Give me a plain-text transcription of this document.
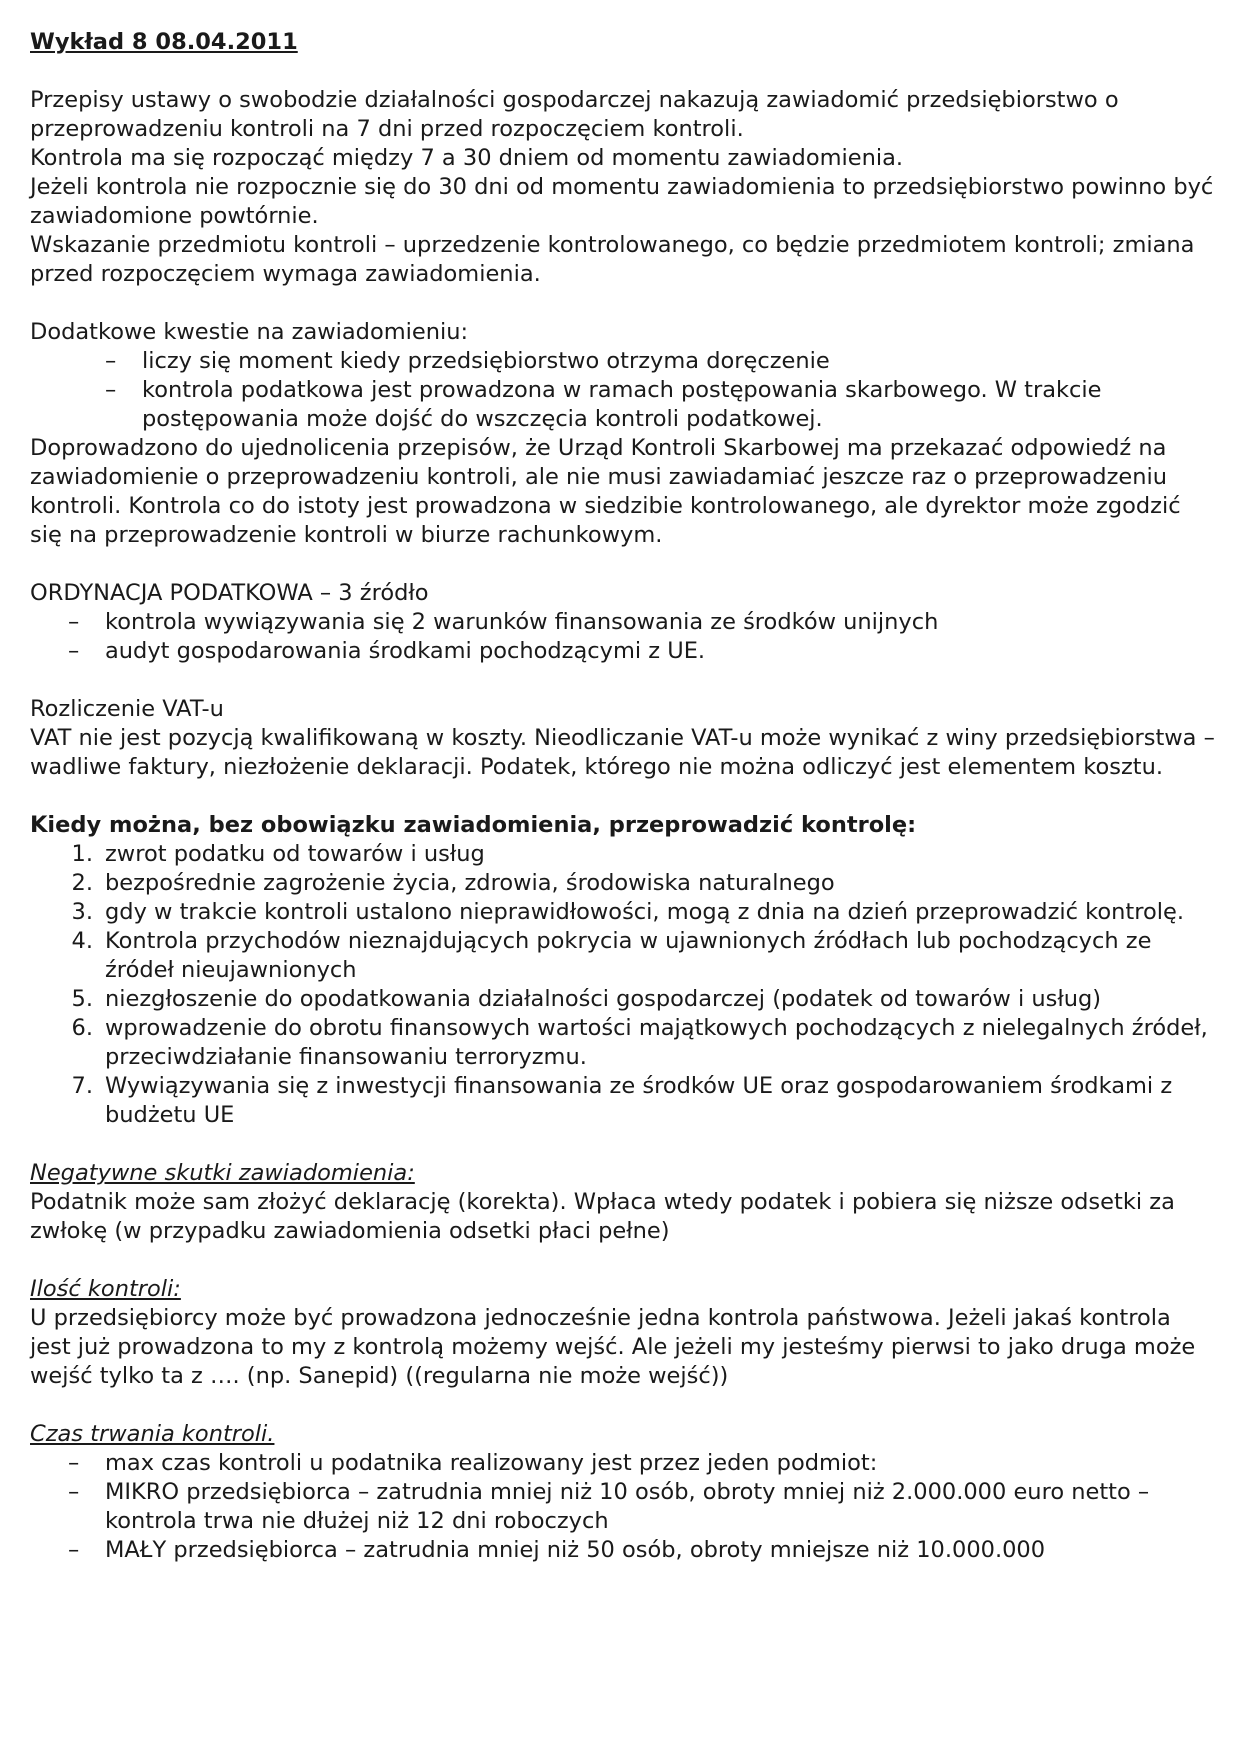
Wykład 8 08.04.2011

Przepisy ustawy o swobodzie działalności gospodarczej nakazują zawiadomić przedsiębiorstwo o przeprowadzeniu kontroli na 7 dni przed rozpoczęciem kontroli.

Kontrola ma się rozpocząć między 7 a 30 dniem od momentu zawiadomienia.

Jeżeli kontrola nie rozpocznie się do 30 dni od momentu zawiadomienia to przedsiębiorstwo powinno być zawiadomione powtórnie.

Wskazanie przedmiotu kontroli – uprzedzenie kontrolowanego, co będzie przedmiotem kontroli; zmiana przed rozpoczęciem wymaga zawiadomienia.

Dodatkowe kwestie na zawiadomieniu:

– liczy się moment kiedy przedsiębiorstwo otrzyma doręczenie
– kontrola podatkowa jest prowadzona w ramach postępowania skarbowego. W trakcie postępowania może dojść do wszczęcia kontroli podatkowej.

Doprowadzono do ujednolicenia przepisów, że Urząd Kontroli Skarbowej ma przekazać odpowiedź na zawiadomienie o przeprowadzeniu kontroli, ale nie musi zawiadamiać jeszcze raz o przeprowadzeniu kontroli. Kontrola co do istoty jest prowadzona w siedzibie kontrolowanego, ale dyrektor może zgodzić się na przeprowadzenie kontroli w biurze rachunkowym.

ORDYNACJA PODATKOWA – 3 źródło

– kontrola wywiązywania się 2 warunków finansowania ze środków unijnych
– audyt gospodarowania środkami pochodzącymi z UE.

Rozliczenie VAT-u

VAT nie jest pozycją kwalifikowaną w koszty. Nieodliczanie VAT-u może wynikać z winy przedsiębiorstwa – wadliwe faktury, niezłożenie deklaracji. Podatek, którego nie można odliczyć jest elementem kosztu.

Kiedy można, bez obowiązku zawiadomienia, przeprowadzić kontrolę:

1. zwrot podatku od towarów i usług
2. bezpośrednie zagrożenie życia, zdrowia, środowiska naturalnego
3. gdy w trakcie kontroli ustalono nieprawidłowości, mogą z dnia na dzień przeprowadzić kontrolę.
4. Kontrola przychodów nieznajdujących pokrycia w ujawnionych źródłach lub pochodzących ze źródeł nieujawnionych
5. niezgłoszenie do opodatkowania działalności gospodarczej (podatek od towarów i usług)
6. wprowadzenie do obrotu finansowych wartości majątkowych pochodzących z nielegalnych źródeł, przeciwdziałanie finansowaniu terroryzmu.
7. Wywiązywania się z inwestycji finansowania ze środków UE oraz gospodarowaniem środkami z budżetu UE

Negatywne skutki zawiadomienia:

Podatnik może sam złożyć deklarację (korekta). Wpłaca wtedy podatek i pobiera się niższe odsetki za zwłokę (w przypadku zawiadomienia odsetki płaci pełne)

Ilość kontroli:

U przedsiębiorcy może być prowadzona jednocześnie jedna kontrola państwowa. Jeżeli jakaś kontrola jest już prowadzona to my z kontrolą możemy wejść. Ale jeżeli my jesteśmy pierwsi to jako druga może wejść tylko ta z …. (np. Sanepid) ((regularna nie może wejść))

Czas trwania kontroli.

– max czas kontroli u podatnika realizowany jest przez jeden podmiot:
– MIKRO przedsiębiorca – zatrudnia mniej niż 10 osób, obroty mniej niż 2.000.000 euro netto – kontrola trwa nie dłużej niż 12 dni roboczych
– MAŁY przedsiębiorca – zatrudnia mniej niż 50 osób, obroty mniejsze niż 10.000.000
